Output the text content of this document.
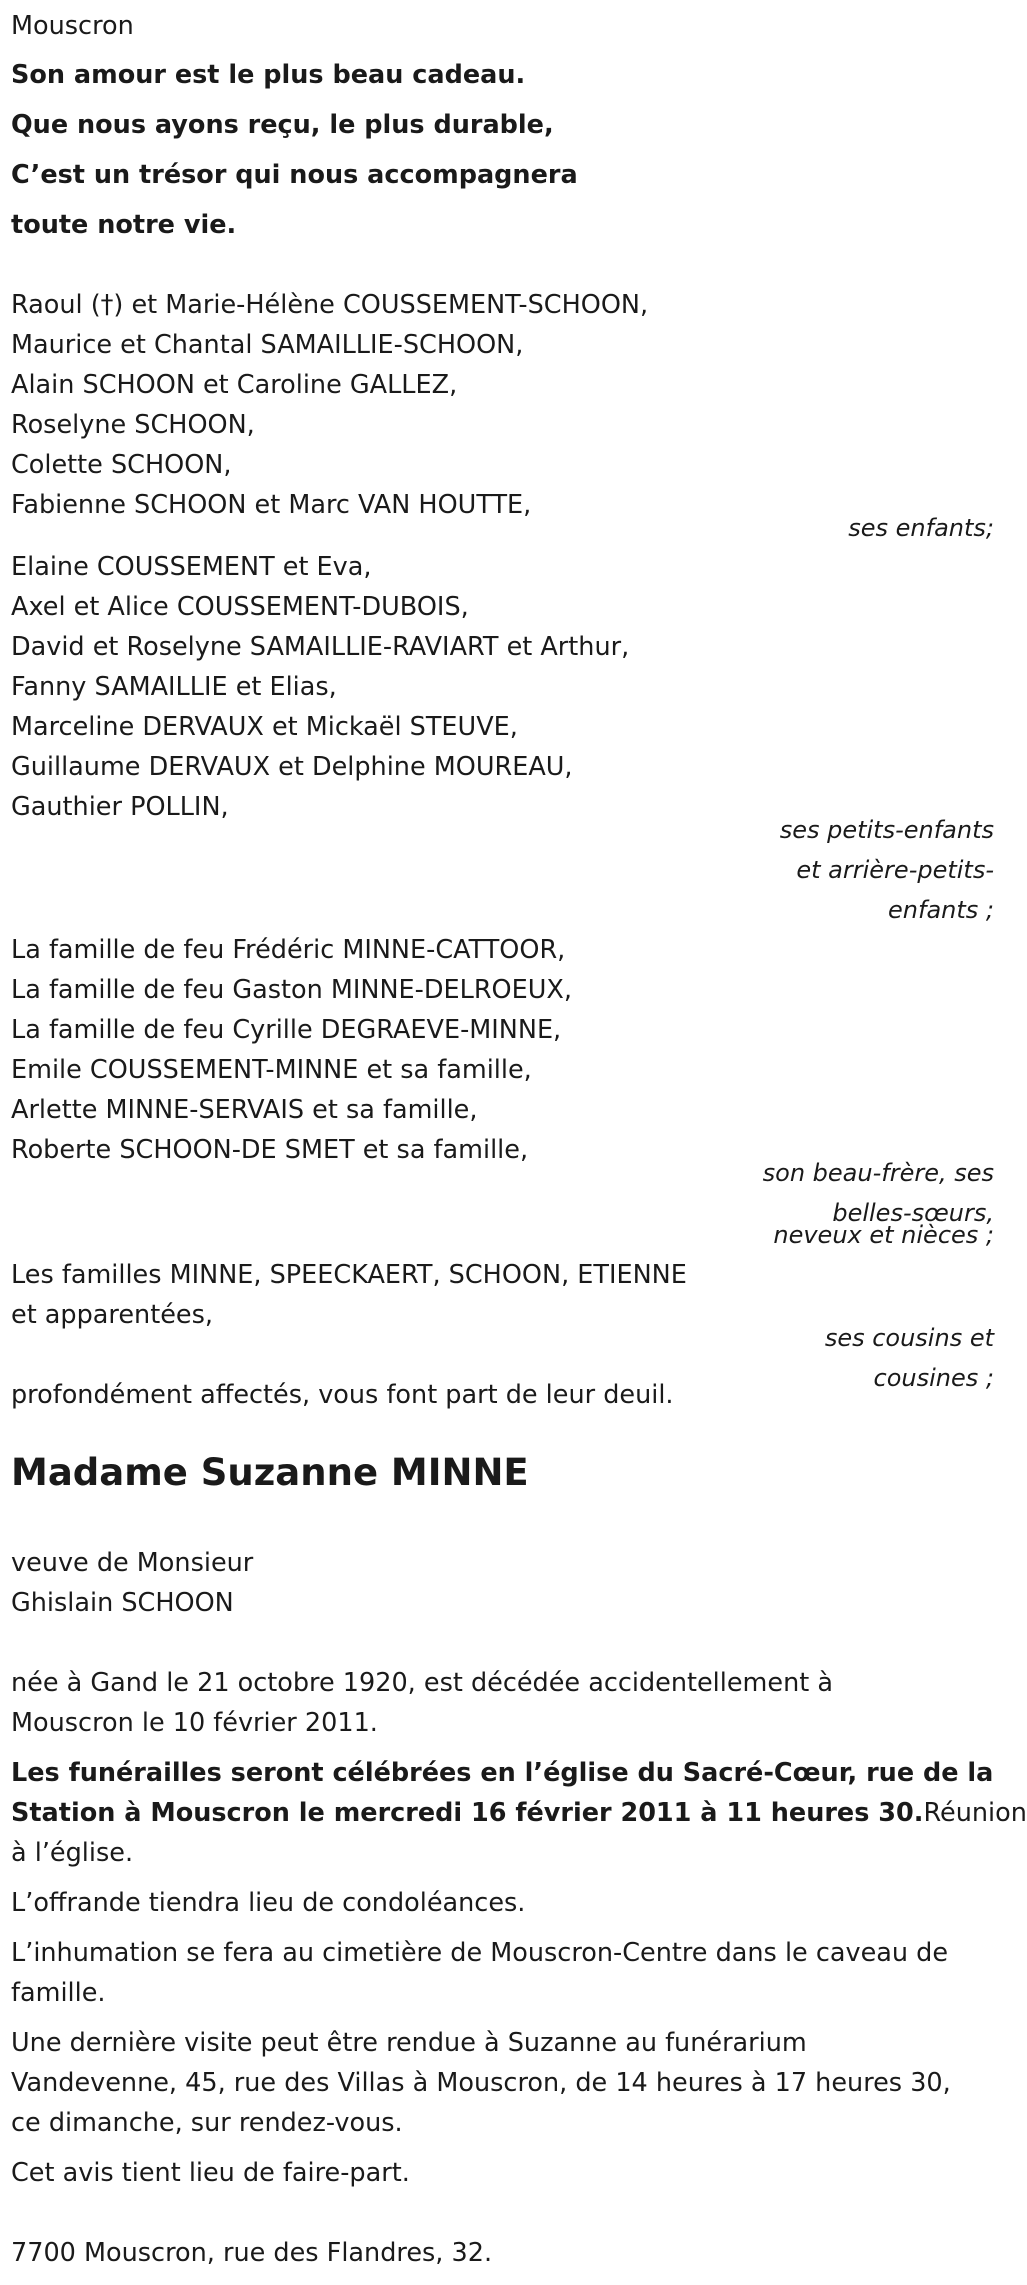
Mouscron

Son amour est le plus beau cadeau.

Que nous ayons reçu, le plus durable,

C’est un trésor qui nous accompagnera

toute notre vie.

Raoul (†) et Marie-Hélène COUSSEMENT-SCHOON,

Maurice et Chantal SAMAILLIE-SCHOON,

Alain SCHOON et Caroline GALLEZ,

Roselyne SCHOON,

Colette SCHOON,

Fabienne SCHOON et Marc VAN HOUTTE,

ses enfants;

Elaine COUSSEMENT et Eva,

Axel et Alice COUSSEMENT-DUBOIS,

David et Roselyne SAMAILLIE-RAVIART et Arthur,

Fanny SAMAILLIE et Elias,

Marceline DERVAUX et Mickaël STEUVE,

Guillaume DERVAUX et Delphine MOUREAU,

Gauthier POLLIN,

ses petits-enfants

et arrière-petits-

enfants ;

La famille de feu Frédéric MINNE-CATTOOR,

La famille de feu Gaston MINNE-DELROEUX,

La famille de feu Cyrille DEGRAEVE-MINNE,

Emile COUSSEMENT-MINNE et sa famille,

Arlette MINNE-SERVAIS et sa famille,

Roberte SCHOON-DE SMET et sa famille,

son beau-frère, ses

belles-sœurs,

neveux et nièces ;

Les familles MINNE, SPEECKAERT, SCHOON, ETIENNE

et apparentées,

ses cousins et

cousines ;

profondément affectés, vous font part de leur deuil.

Madame Suzanne MINNE

veuve de Monsieur

Ghislain SCHOON

née à Gand le 21 octobre 1920, est décédée accidentellement à

Mouscron le 10 février 2011.

Les funérailles seront célébrées en l’église du Sacré-Cœur, rue de la

Station à Mouscron le mercredi 16 février 2011 à 11 heures 30.Réunion

à l’église.

L’offrande tiendra lieu de condoléances.

L’inhumation se fera au cimetière de Mouscron-Centre dans le caveau de

famille.

Une dernière visite peut être rendue à Suzanne au funérarium

Vandevenne, 45, rue des Villas à Mouscron, de 14 heures à 17 heures 30,

ce dimanche, sur rendez-vous.

Cet avis tient lieu de faire-part.

7700 Mouscron, rue des Flandres, 32.
